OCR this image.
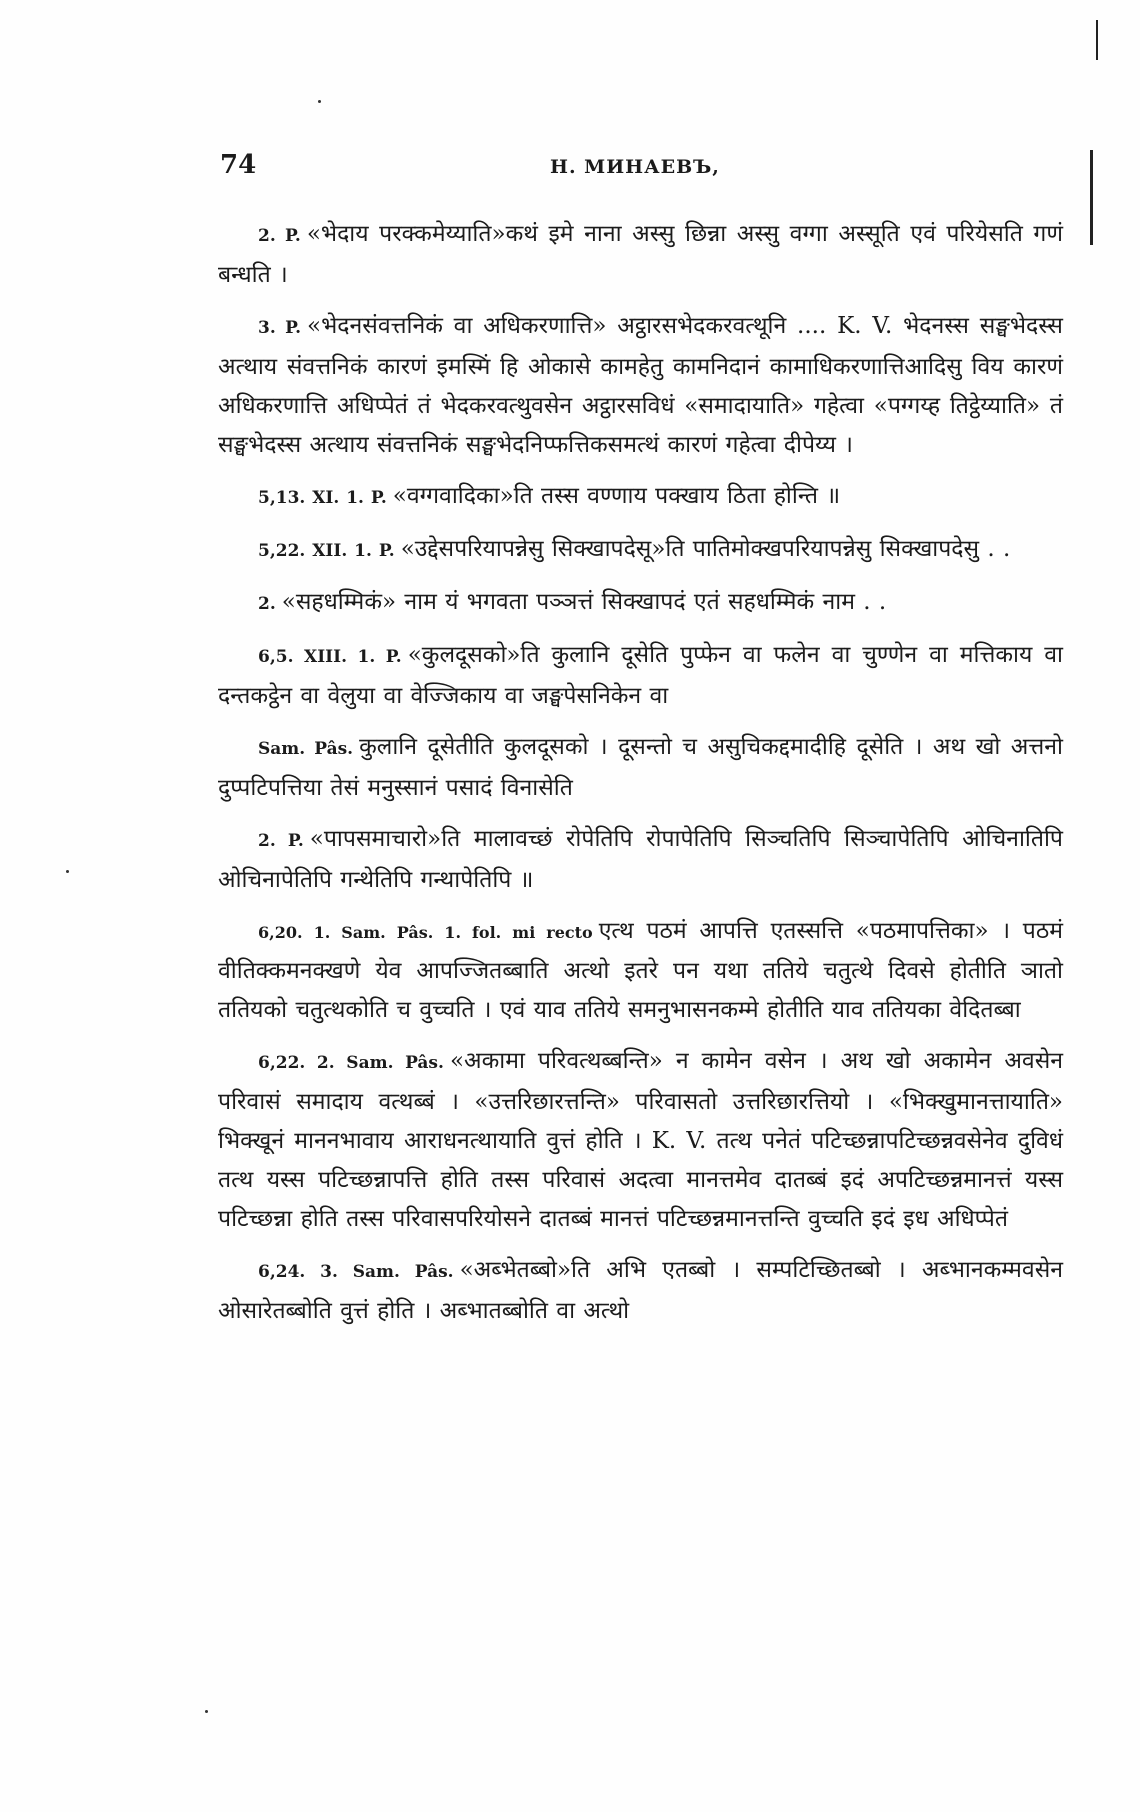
74	Н. МИНАЕВЪ,

2. P. «भेदाय परक्कमेय्याति»कथं इमे नाना अस्सु छिन्ना अस्सु वग्गा अस्सूति एवं परियेसति गणं बन्धति ।

3. P. «भेदनसंवत्तनिकं वा अधिकरणात्ति» अट्ठारसभेदकरवत्थूनि .... K. V. भेदनस्स सङ्घभेदस्स अत्थाय संवत्तनिकं कारणं इमस्मिं हि ओकासे कामहेतु कामनिदानं कामाधिकरणात्तिआदिसु विय कारणं अधिकरणात्ति अधिप्पेतं तं भेदकरवत्थुवसेन अट्ठारसविधं «समादायाति» गहेत्वा «पग्गय्ह तिट्ठेय्याति» तं सङ्घभेदस्स अत्थाय संवत्तनिकं सङ्घभेदनिप्फत्तिकसमत्थं कारणं गहेत्वा दीपेय्य ।

5,13. XI. 1. P. «वग्गवादिका»ति तस्स वण्णाय पक्खाय ठिता होन्ति ॥

5,22. XII. 1. P. «उद्देसपरियापन्नेसु सिक्खापदेसू»ति पातिमोक्खपरियापन्नेसु सिक्खापदेसु . .

2. «सहधम्मिकं» नाम यं भगवता पञ्ञत्तं सिक्खापदं एतं सहधम्मिकं नाम . .

6,5. XIII. 1. P. «कुलदूसको»ति कुलानि दूसेति पुप्फेन वा फलेन वा चुण्णेन वा मत्तिकाय वा दन्तकट्ठेन वा वेलुया वा वेज्जिकाय वा जङ्घपेसनिकेन वा

Sam. Pâs. कुलानि दूसेतीति कुलदूसको । दूसन्तो च असुचिकद्दमादीहि दूसेति । अथ खो अत्तनो दुप्पटिपत्तिया तेसं मनुस्सानं पसादं विनासेति

2. P. «पापसमाचारो»ति मालावच्छं रोपेतिपि रोपापेतिपि सिञ्चतिपि सिञ्चापेतिपि ओचिनातिपि ओचिनापेतिपि गन्थेतिपि गन्थापेतिपि ॥

6,20. 1. Sam. Pâs. 1. fol. mi recto एत्थ पठमं आपत्ति एतस्सत्ति «पठमापत्तिका» । पठमं वीतिक्कमनक्खणे येव आपज्जितब्बाति अत्थो इतरे पन यथा ततिये चतुत्थे दिवसे होतीति ञातो ततियको चतुत्थकोति च वुच्चति । एवं याव ततिये समनुभासनकम्मे होतीति याव ततियका वेदितब्बा

6,22. 2. Sam. Pâs. «अकामा परिवत्थब्बन्ति» न कामेन वसेन । अथ खो अकामेन अवसेन परिवासं समादाय वत्थब्बं । «उत्तरिछारत्तन्ति» परिवासतो उत्तरिछारत्तियो । «भिक्खुमानत्तायाति» भिक्खूनं माननभावाय आराधनत्थायाति वुत्तं होति । K. V. तत्थ पनेतं पटिच्छन्नापटिच्छन्नवसेनेव दुविधं तत्थ यस्स पटिच्छन्नापत्ति होति तस्स परिवासं अदत्वा मानत्तमेव दातब्बं इदं अपटिच्छन्नमानत्तं यस्स पटिच्छन्ना होति तस्स परिवासपरियोसने दातब्बं मानत्तं पटिच्छन्नमानत्तन्ति वुच्चति इदं इध अधिप्पेतं

6,24. 3. Sam. Pâs. «अब्भेतब्बो»ति अभि एतब्बो । सम्पटिच्छितब्बो । अब्भानकम्मवसेन ओसारेतब्बोति वुत्तं होति । अब्भातब्बोति वा अत्थो
